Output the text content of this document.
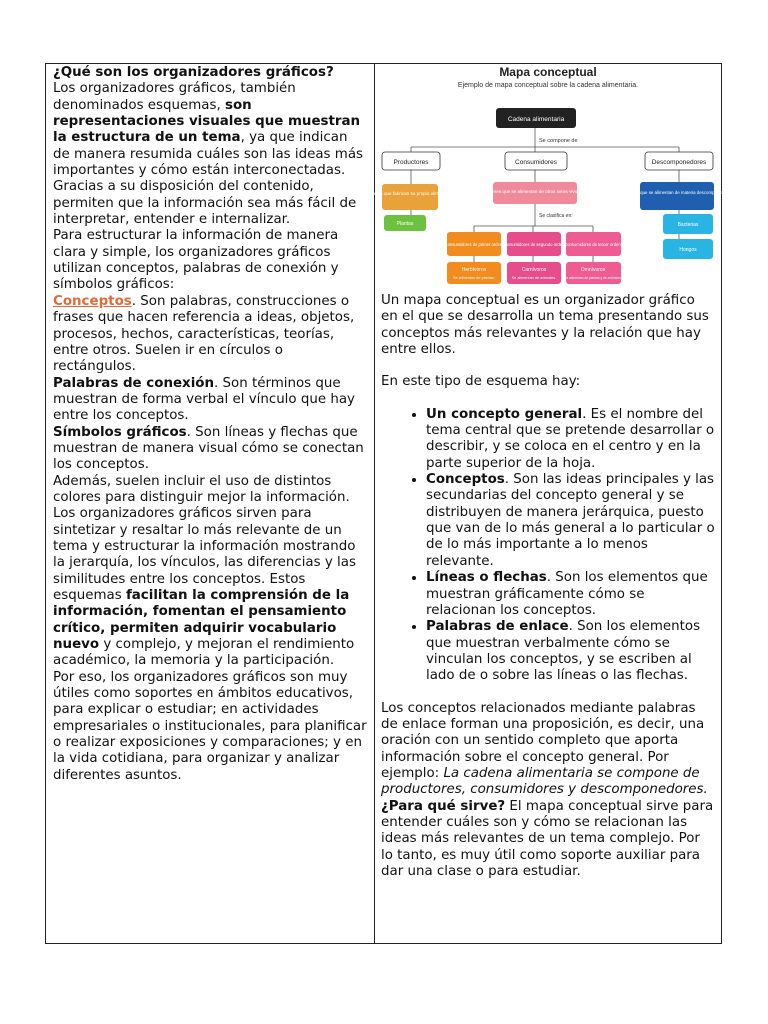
¿Qué son los organizadores gráficos?

Los organizadores gráficos, también denominados esquemas, son representaciones visuales que muestran la estructura de un tema, ya que indican de manera resumida cuáles son las ideas más importantes y cómo están interconectadas. Gracias a su disposición del contenido, permiten que la información sea más fácil de interpretar, entender e internalizar.

Para estructurar la información de manera clara y simple, los organizadores gráficos utilizan conceptos, palabras de conexión y símbolos gráficos:

Conceptos. Son palabras, construcciones o frases que hacen referencia a ideas, objetos, procesos, hechos, características, teorías, entre otros. Suelen ir en círculos o rectángulos.

Palabras de conexión. Son términos que muestran de forma verbal el vínculo que hay entre los conceptos.

Símbolos gráficos. Son líneas y flechas que muestran de manera visual cómo se conectan los conceptos.

Además, suelen incluir el uso de distintos colores para distinguir mejor la información.

Los organizadores gráficos sirven para sintetizar y resaltar lo más relevante de un tema y estructurar la información mostrando la jerarquía, los vínculos, las diferencias y las similitudes entre los conceptos. Estos esquemas facilitan la comprensión de la información, fomentan el pensamiento crítico, permiten adquirir vocabulario nuevo y complejo, y mejoran el rendimiento académico, la memoria y la participación.

Por eso, los organizadores gráficos son muy útiles como soportes en ámbitos educativos, para explicar o estudiar; en actividades empresariales o institucionales, para planificar o realizar exposiciones y comparaciones; y en la vida cotidiana, para organizar y analizar diferentes asuntos.

Mapa conceptual
Ejemplo de mapa conceptual sobre la cadena alimentaria.
Cadena alimentaria
Se compone de
Productores	Consumidores	Descomponedores
Seres que fabrican su propio alimento.
Plantas
Seres que se alimentan de otros seres vivos.
Se clasifica en:
Consumidores de primer orden. Consumidores de segundo orden.
Consumidores de tercer orden.
Herbívoros
Se alimentan de plantas.
Carnívoros
Se alimentan de animales.
Omnívoros
Se alimentan de plantas y de animales.
Seres que se alimentan de materia descompuesta.
Bacterias
Hongos

Un mapa conceptual es un organizador gráfico en el que se desarrolla un tema presentando sus conceptos más relevantes y la relación que hay entre ellos.

En este tipo de esquema hay:

• Un concepto general. Es el nombre del tema central que se pretende desarrollar o describir, y se coloca en el centro y en la parte superior de la hoja.
• Conceptos. Son las ideas principales y las secundarias del concepto general y se distribuyen de manera jerárquica, puesto que van de lo más general a lo particular o de lo más importante a lo menos relevante.
• Líneas o flechas. Son los elementos que muestran gráficamente cómo se relacionan los conceptos.
• Palabras de enlace. Son los elementos que muestran verbalmente cómo se vinculan los conceptos, y se escriben al lado de o sobre las líneas o las flechas.

Los conceptos relacionados mediante palabras de enlace forman una proposición, es decir, una oración con un sentido completo que aporta información sobre el concepto general. Por ejemplo: La cadena alimentaria se compone de productores, consumidores y descomponedores. ¿Para qué sirve? El mapa conceptual sirve para entender cuáles son y cómo se relacionan las ideas más relevantes de un tema complejo. Por lo tanto, es muy útil como soporte auxiliar para dar una clase o para estudiar.
